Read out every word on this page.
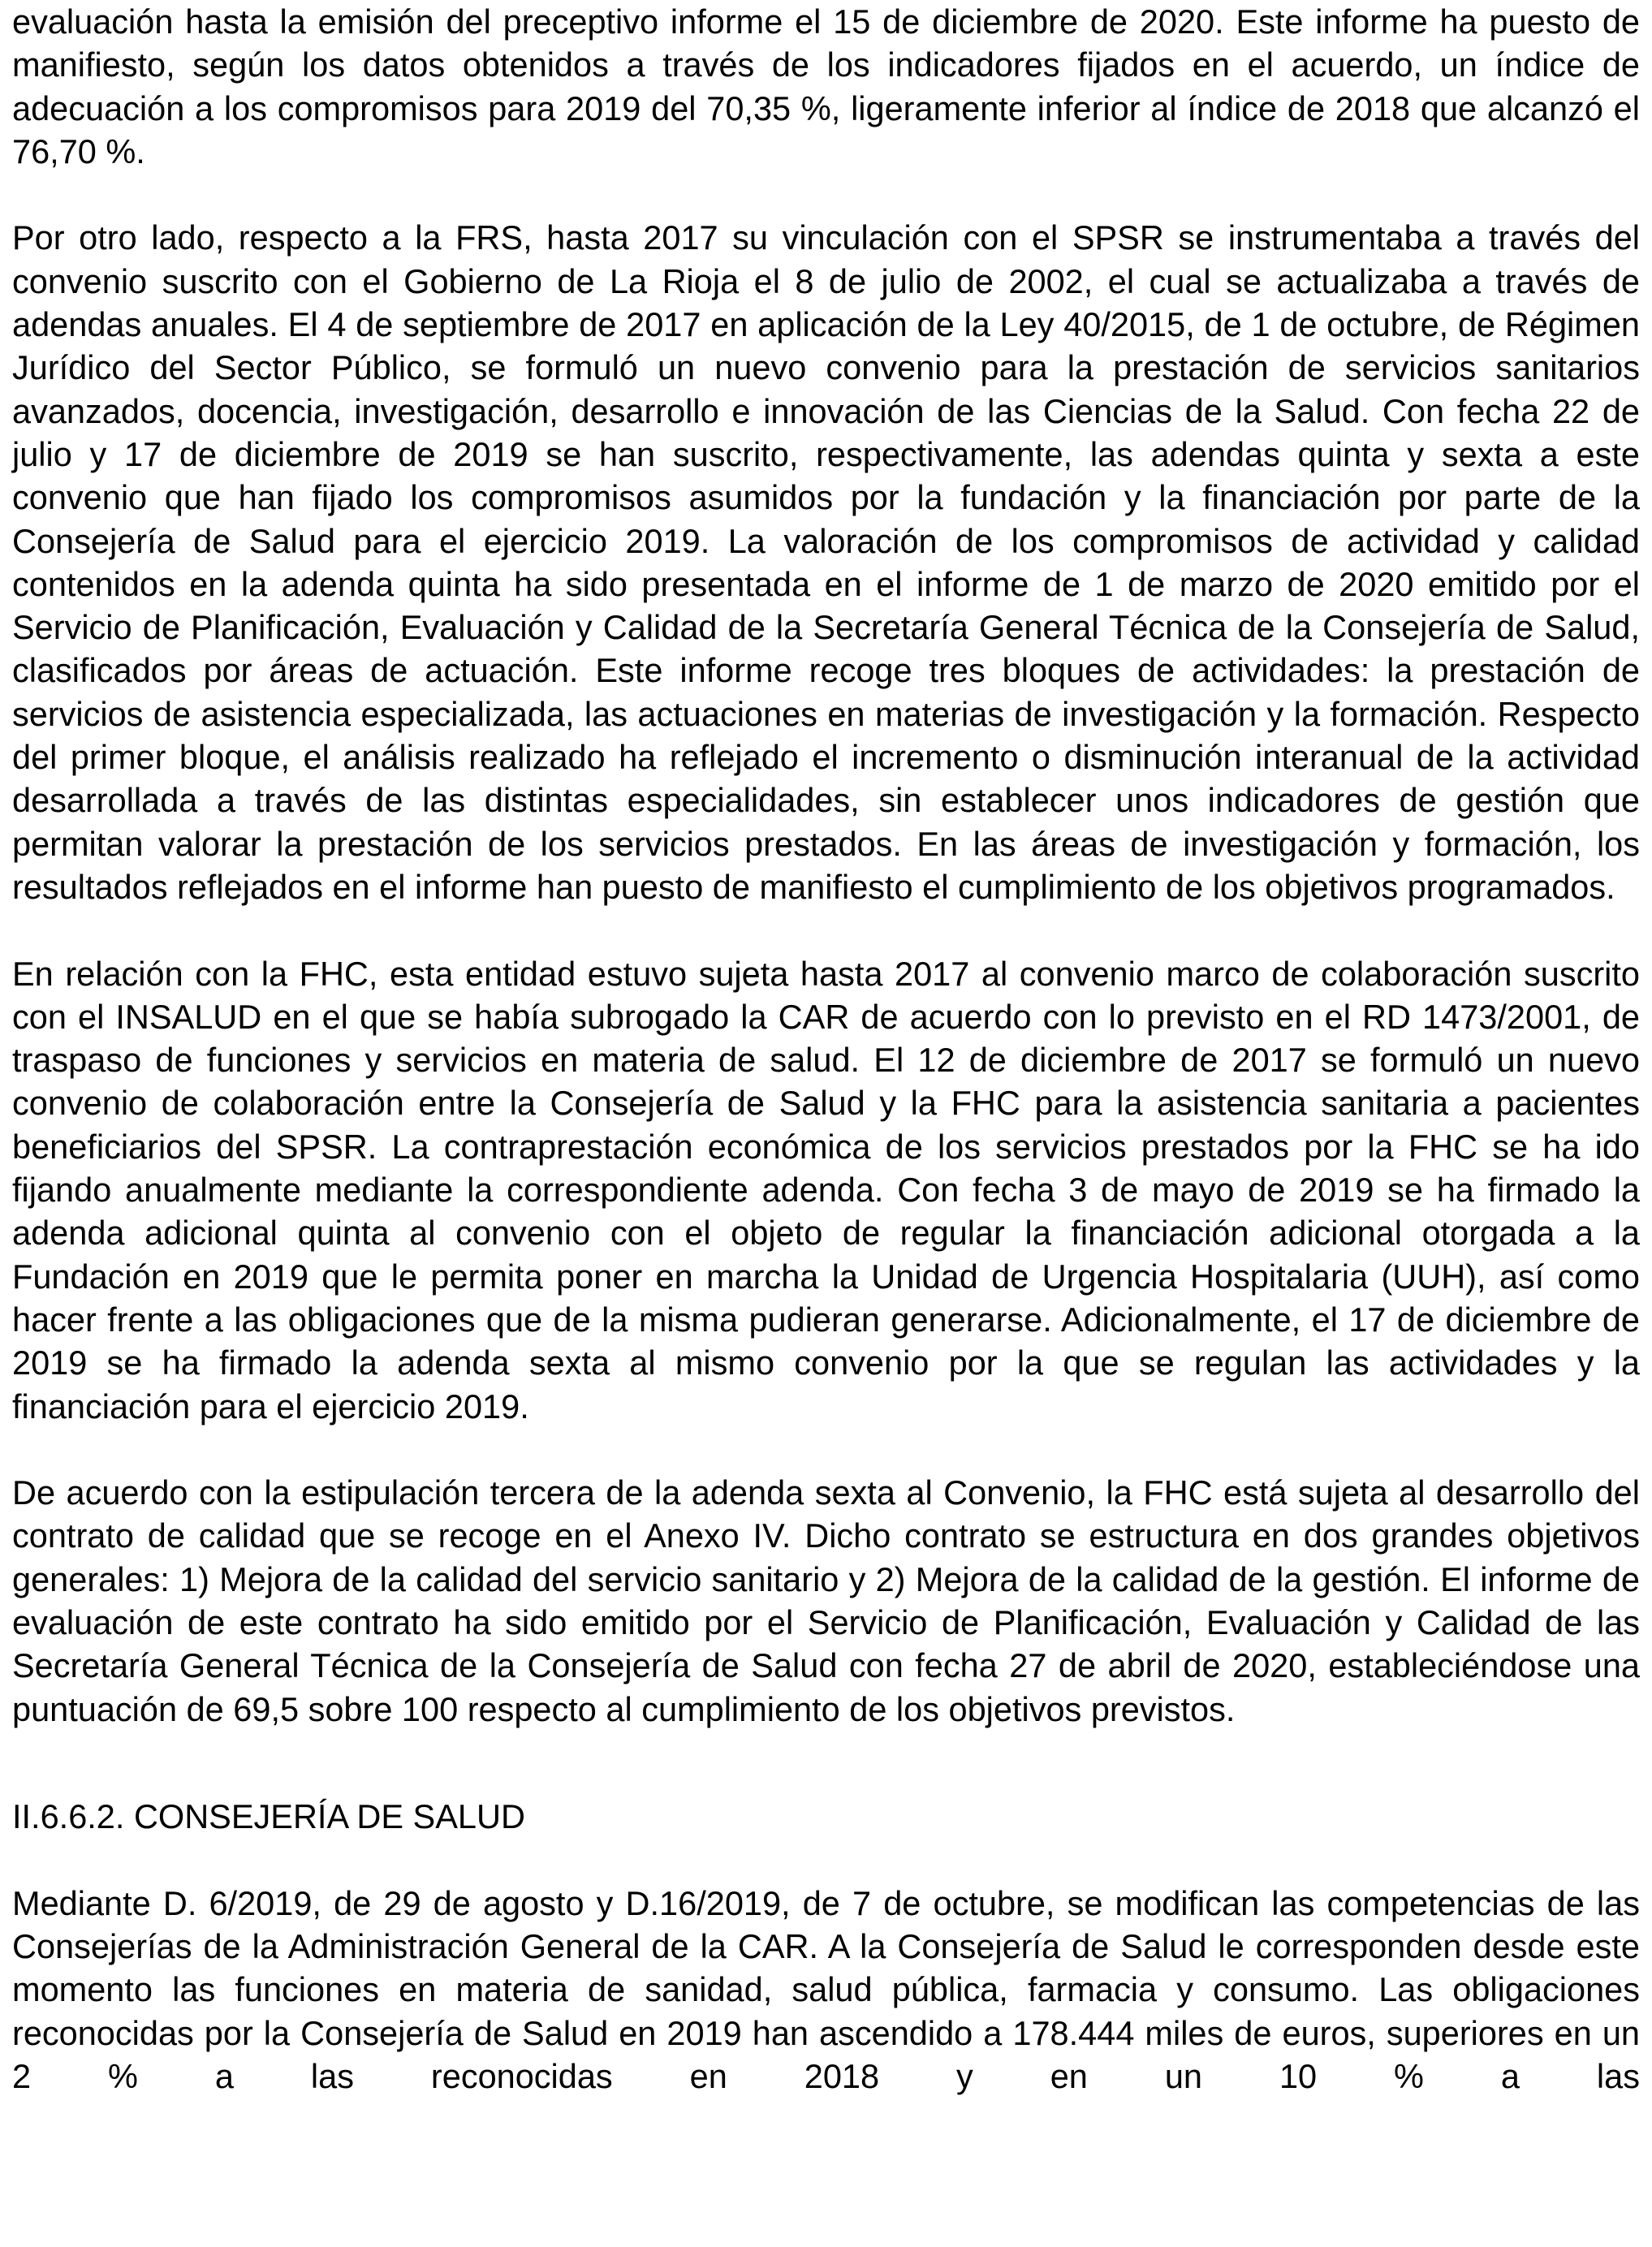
evaluación hasta la emisión del preceptivo informe el 15 de diciembre de 2020. Este informe ha puesto de manifiesto, según los datos obtenidos a través de los indicadores fijados en el acuerdo, un índice de adecuación a los compromisos para 2019 del 70,35 %, ligeramente inferior al índice de 2018 que alcanzó el 76,70 %.

Por otro lado, respecto a la FRS, hasta 2017 su vinculación con el SPSR se instrumentaba a través del convenio suscrito con el Gobierno de La Rioja el 8 de julio de 2002, el cual se actualizaba a través de adendas anuales. El 4 de septiembre de 2017 en aplicación de la Ley 40/2015, de 1 de octubre, de Régimen Jurídico del Sector Público, se formuló un nuevo convenio para la prestación de servicios sanitarios avanzados, docencia, investigación, desarrollo e innovación de las Ciencias de la Salud. Con fecha 22 de julio y 17 de diciembre de 2019 se han suscrito, respectivamente, las adendas quinta y sexta a este convenio que han fijado los compromisos asumidos por la fundación y la financiación por parte de la Consejería de Salud para el ejercicio 2019. La valoración de los compromisos de actividad y calidad contenidos en la adenda quinta ha sido presentada en el informe de 1 de marzo de 2020 emitido por el Servicio de Planificación, Evaluación y Calidad de la Secretaría General Técnica de la Consejería de Salud, clasificados por áreas de actuación. Este informe recoge tres bloques de actividades: la prestación de servicios de asistencia especializada, las actuaciones en materias de investigación y la formación. Respecto del primer bloque, el análisis realizado ha reflejado el incremento o disminución interanual de la actividad desarrollada a través de las distintas especialidades, sin establecer unos indicadores de gestión que permitan valorar la prestación de los servicios prestados. En las áreas de investigación y formación, los resultados reflejados en el informe han puesto de manifiesto el cumplimiento de los objetivos programados.

En relación con la FHC, esta entidad estuvo sujeta hasta 2017 al convenio marco de colaboración suscrito con el INSALUD en el que se había subrogado la CAR de acuerdo con lo previsto en el RD 1473/2001, de traspaso de funciones y servicios en materia de salud. El 12 de diciembre de 2017 se formuló un nuevo convenio de colaboración entre la Consejería de Salud y la FHC para la asistencia sanitaria a pacientes beneficiarios del SPSR. La contraprestación económica de los servicios prestados por la FHC se ha ido fijando anualmente mediante la correspondiente adenda. Con fecha 3 de mayo de 2019 se ha firmado la adenda adicional quinta al convenio con el objeto de regular la financiación adicional otorgada a la Fundación en 2019 que le permita poner en marcha la Unidad de Urgencia Hospitalaria (UUH), así como hacer frente a las obligaciones que de la misma pudieran generarse. Adicionalmente, el 17 de diciembre de 2019 se ha firmado la adenda sexta al mismo convenio por la que se regulan las actividades y la financiación para el ejercicio 2019.

De acuerdo con la estipulación tercera de la adenda sexta al Convenio, la FHC está sujeta al desarrollo del contrato de calidad que se recoge en el Anexo IV. Dicho contrato se estructura en dos grandes objetivos generales: 1) Mejora de la calidad del servicio sanitario y 2) Mejora de la calidad de la gestión. El informe de evaluación de este contrato ha sido emitido por el Servicio de Planificación, Evaluación y Calidad de las Secretaría General Técnica de la Consejería de Salud con fecha 27 de abril de 2020, estableciéndose una puntuación de 69,5 sobre 100 respecto al cumplimiento de los objetivos previstos.

II.6.6.2. CONSEJERÍA DE SALUD

Mediante D. 6/2019, de 29 de agosto y D.16/2019, de 7 de octubre, se modifican las competencias de las Consejerías de la Administración General de la CAR. A la Consejería de Salud le corresponden desde este momento las funciones en materia de sanidad, salud pública, farmacia y consumo. Las obligaciones reconocidas por la Consejería de Salud en 2019 han ascendido a 178.444 miles de euros, superiores en un 2 % a las reconocidas en 2018 y en un 10 % a las
